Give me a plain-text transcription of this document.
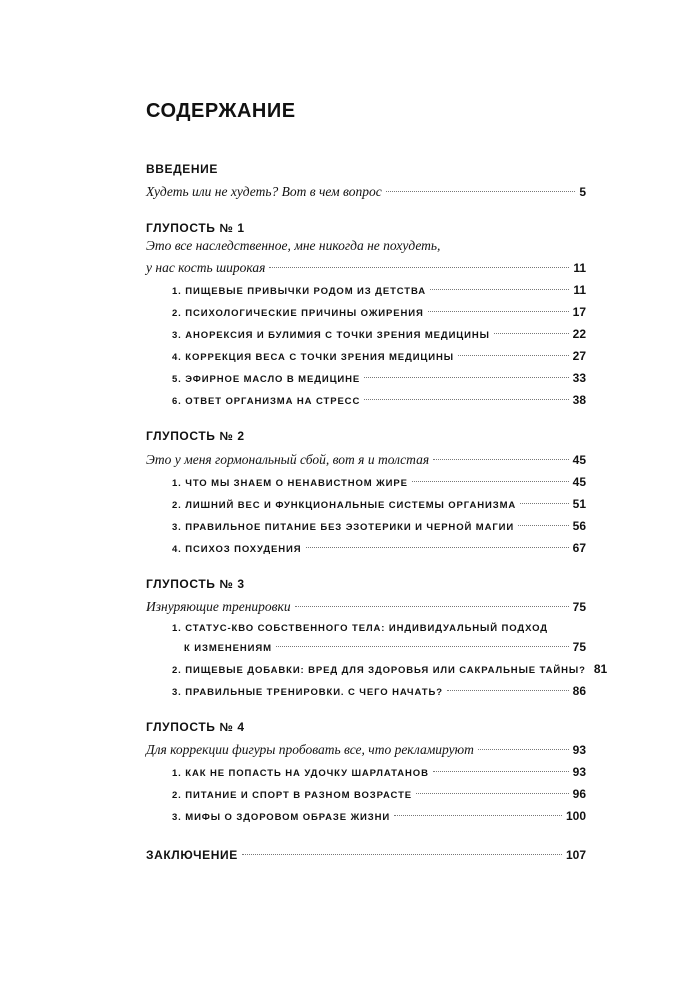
СОДЕРЖАНИЕ
ВВЕДЕНИЕ
Худеть или не худеть? Вот в чем вопрос	5
ГЛУПОСТЬ № 1
Это все наследственное, мне никогда не похудеть,
у нас кость широкая	11
1. ПИЩЕВЫЕ ПРИВЫЧКИ РОДОМ ИЗ ДЕТСТВА	11
2. ПСИХОЛОГИЧЕСКИЕ ПРИЧИНЫ ОЖИРЕНИЯ	17
3. АНОРЕКСИЯ И БУЛИМИЯ С ТОЧКИ ЗРЕНИЯ МЕДИЦИНЫ	22
4. КОРРЕКЦИЯ ВЕСА С ТОЧКИ ЗРЕНИЯ МЕДИЦИНЫ	27
5. ЭФИРНОЕ МАСЛО В МЕДИЦИНЕ	33
6. ОТВЕТ ОРГАНИЗМА НА СТРЕСС	38
ГЛУПОСТЬ № 2
Это у меня гормональный сбой, вот я и толстая	45
1. ЧТО МЫ ЗНАЕМ О НЕНАВИСТНОМ ЖИРЕ	45
2. ЛИШНИЙ ВЕС И ФУНКЦИОНАЛЬНЫЕ СИСТЕМЫ ОРГАНИЗМА	51
3. ПРАВИЛЬНОЕ ПИТАНИЕ БЕЗ ЭЗОТЕРИКИ И ЧЕРНОЙ МАГИИ	56
4. ПСИХОЗ ПОХУДЕНИЯ	67
ГЛУПОСТЬ № 3
Изнуряющие тренировки	75
1. СТАТУС-КВО СОБСТВЕННОГО ТЕЛА: ИНДИВИДУАЛЬНЫЙ ПОДХОД
К ИЗМЕНЕНИЯМ	75
2. ПИЩЕВЫЕ ДОБАВКИ: ВРЕД ДЛЯ ЗДОРОВЬЯ ИЛИ САКРАЛЬНЫЕ ТАЙНЫ? 81
3. ПРАВИЛЬНЫЕ ТРЕНИРОВКИ. С ЧЕГО НАЧАТЬ?	86
ГЛУПОСТЬ № 4
Для коррекции фигуры пробовать все, что рекламируют	93
1. КАК НЕ ПОПАСТЬ НА УДОЧКУ ШАРЛАТАНОВ	93
2. ПИТАНИЕ И СПОРТ В РАЗНОМ ВОЗРАСТЕ	96
3. МИФЫ О ЗДОРОВОМ ОБРАЗЕ ЖИЗНИ	100
ЗАКЛЮЧЕНИЕ	107
